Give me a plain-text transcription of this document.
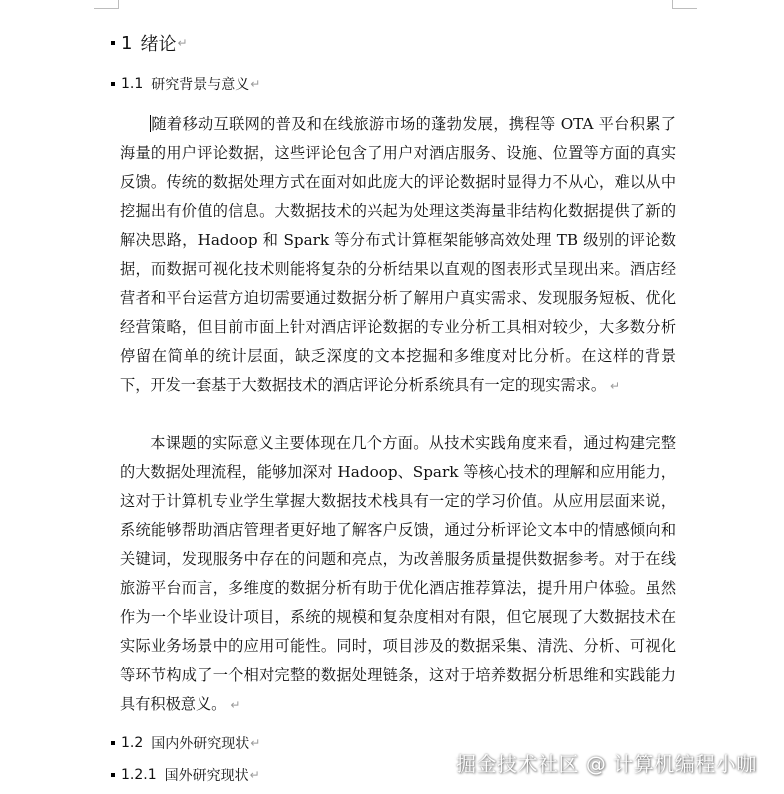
1 绪论 ↵
1.1 研究背景与意义 ↵
随着移动互联网的普及和在线旅游市场的蓬勃发展，携程等 OTA 平台积累了海量的用户评论数据，这些评论包含了用户对酒店服务、设施、位置等方面的真实反馈。传统的数据处理方式在面对如此庞大的评论数据时显得力不从心，难以从中挖掘出有价值的信息。大数据技术的兴起为处理这类海量非结构化数据提供了新的解决思路，Hadoop 和 Spark 等分布式计算框架能够高效处理 TB 级别的评论数据，而数据可视化技术则能将复杂的分析结果以直观的图表形式呈现出来。酒店经营者和平台运营方迫切需要通过数据分析了解用户真实需求、发现服务短板、优化经营策略，但目前市面上针对酒店评论数据的专业分析工具相对较少，大多数分析停留在简单的统计层面，缺乏深度的文本挖掘和多维度对比分析。在这样的背景下，开发一套基于大数据技术的酒店评论分析系统具有一定的现实需求。 ↵
本课题的实际意义主要体现在几个方面。从技术实践角度来看，通过构建完整的大数据处理流程，能够加深对 Hadoop、Spark 等核心技术的理解和应用能力，这对于计算机专业学生掌握大数据技术栈具有一定的学习价值。从应用层面来说，系统能够帮助酒店管理者更好地了解客户反馈，通过分析评论文本中的情感倾向和关键词，发现服务中存在的问题和亮点，为改善服务质量提供数据参考。对于在线旅游平台而言，多维度的数据分析有助于优化酒店推荐算法，提升用户体验。虽然作为一个毕业设计项目，系统的规模和复杂度相对有限，但它展现了大数据技术在实际业务场景中的应用可能性。同时，项目涉及的数据采集、清洗、分析、可视化等环节构成了一个相对完整的数据处理链条，这对于培养数据分析思维和实践能力具有积极意义。 ↵
1.2 国内外研究现状 ↵
1.2.1 国外研究现状 ↵	掘金技术社区 @ 计算机编程小咖
